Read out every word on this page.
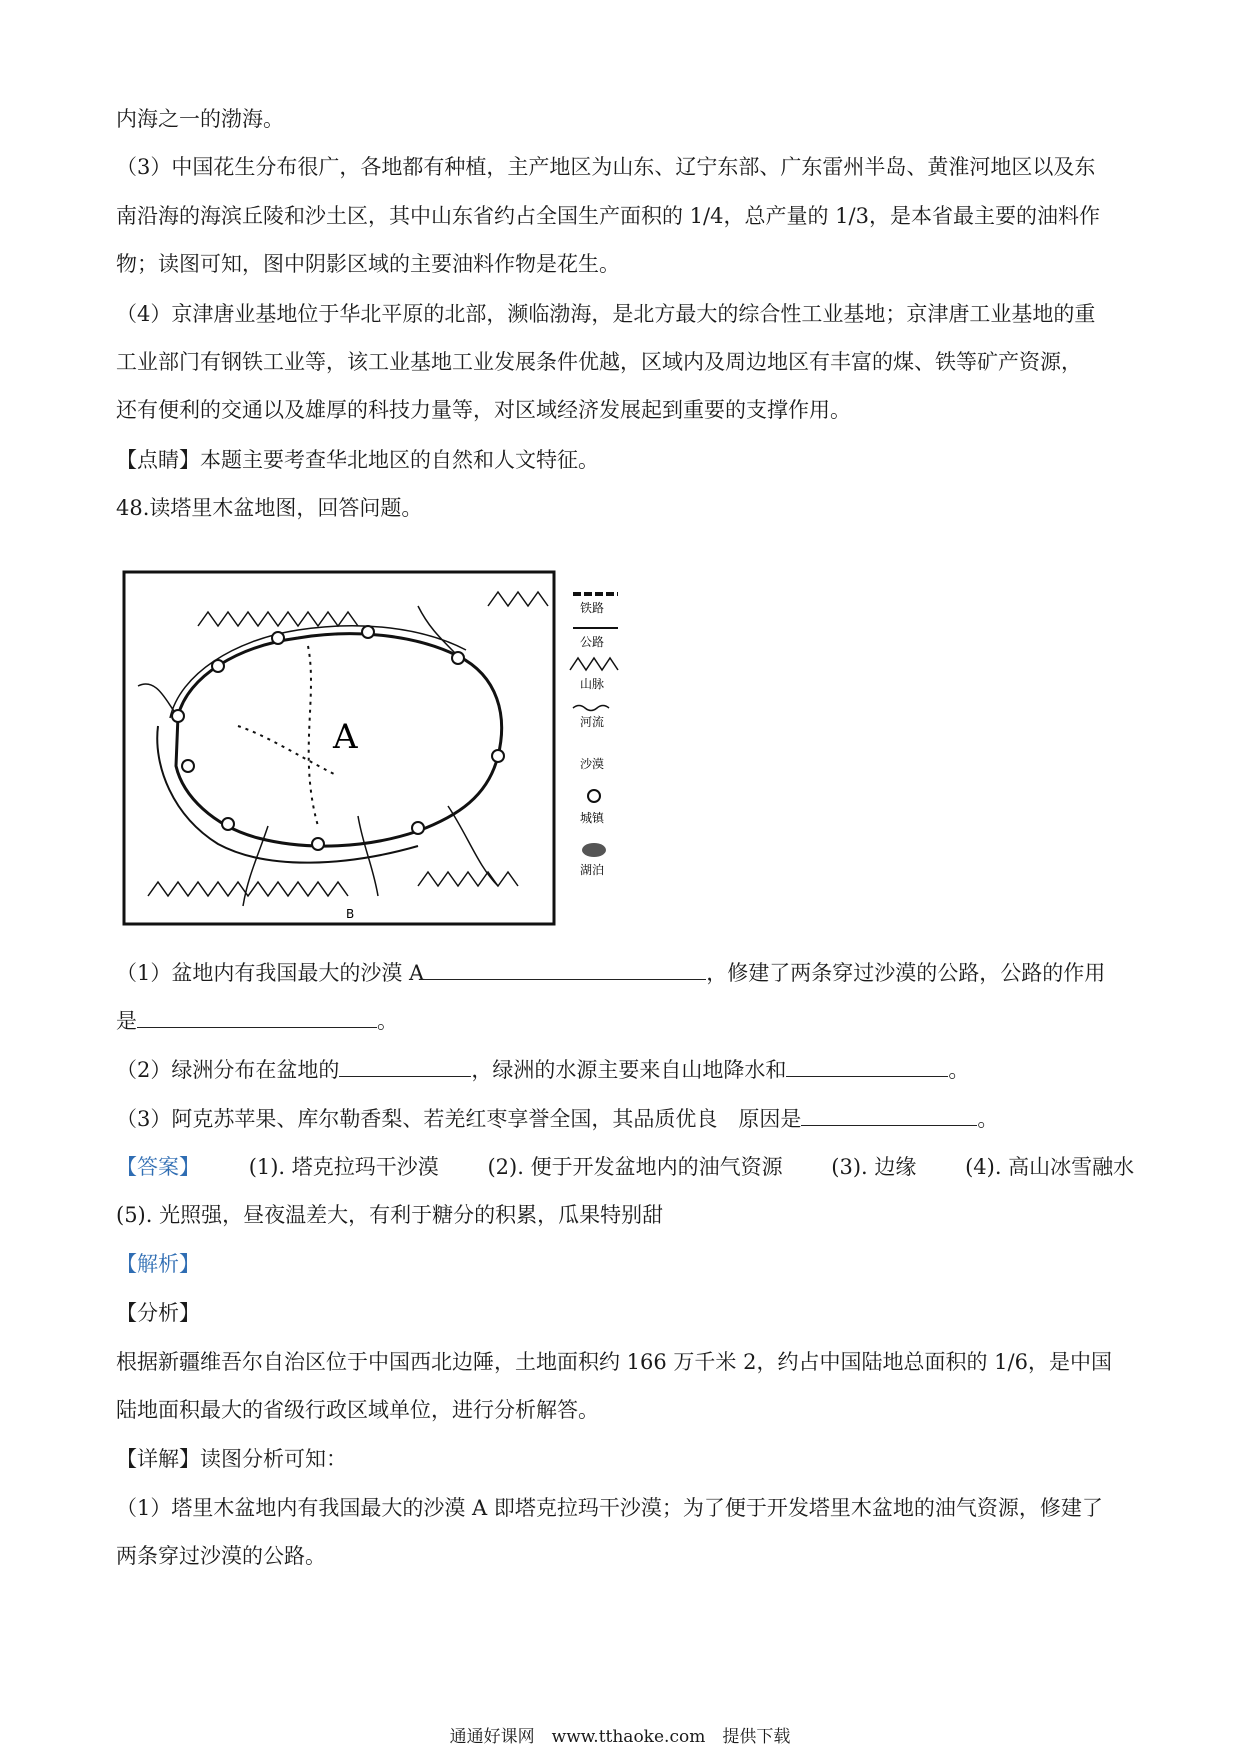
内海之一的渤海。
（3）中国花生分布很广，各地都有种植，主产地区为山东、辽宁东部、广东雷州半岛、黄淮河地区以及东
南沿海的海滨丘陵和沙土区，其中山东省约占全国生产面积的 1/4，总产量的 1/3，是本省最主要的油料作
物；读图可知，图中阴影区域的主要油料作物是花生。
（4）京津唐业基地位于华北平原的北部，濒临渤海，是北方最大的综合性工业基地；京津唐工业基地的重
工业部门有钢铁工业等，该工业基地工业发展条件优越，区域内及周边地区有丰富的煤、铁等矿产资源，
还有便利的交通以及雄厚的科技力量等，对区域经济发展起到重要的支撑作用。
【点睛】本题主要考查华北地区的自然和人文特征。
48.读塔里木盆地图，回答问题。
A
B
铁路
公路
山脉
河流
沙漠
城镇
湖泊
（1）盆地内有我国最大的沙漠 A	，修建了两条穿过沙漠的公路，公路的作用
是	。
（2）绿洲分布在盆地的	，绿洲的水源主要来自山地降水和	。
（3）阿克苏苹果、库尔勒香梨、若羌红枣享誉全国，其品质优良　原因是	。
【答案】 (1). 塔克拉玛干沙漠 (2). 便于开发盆地内的油气资源 (3). 边缘 (4). 高山冰雪融水
(5). 光照强，昼夜温差大，有利于糖分的积累，瓜果特别甜
【解析】
【分析】
根据新疆维吾尔自治区位于中国西北边陲，土地面积约 166 万千米 2，约占中国陆地总面积的 1/6，是中国
陆地面积最大的省级行政区域单位，进行分析解答。
【详解】读图分析可知：
（1）塔里木盆地内有我国最大的沙漠 A 即塔克拉玛干沙漠；为了便于开发塔里木盆地的油气资源，修建了
两条穿过沙漠的公路。
通通好课网　www.tthaoke.com　提供下载
